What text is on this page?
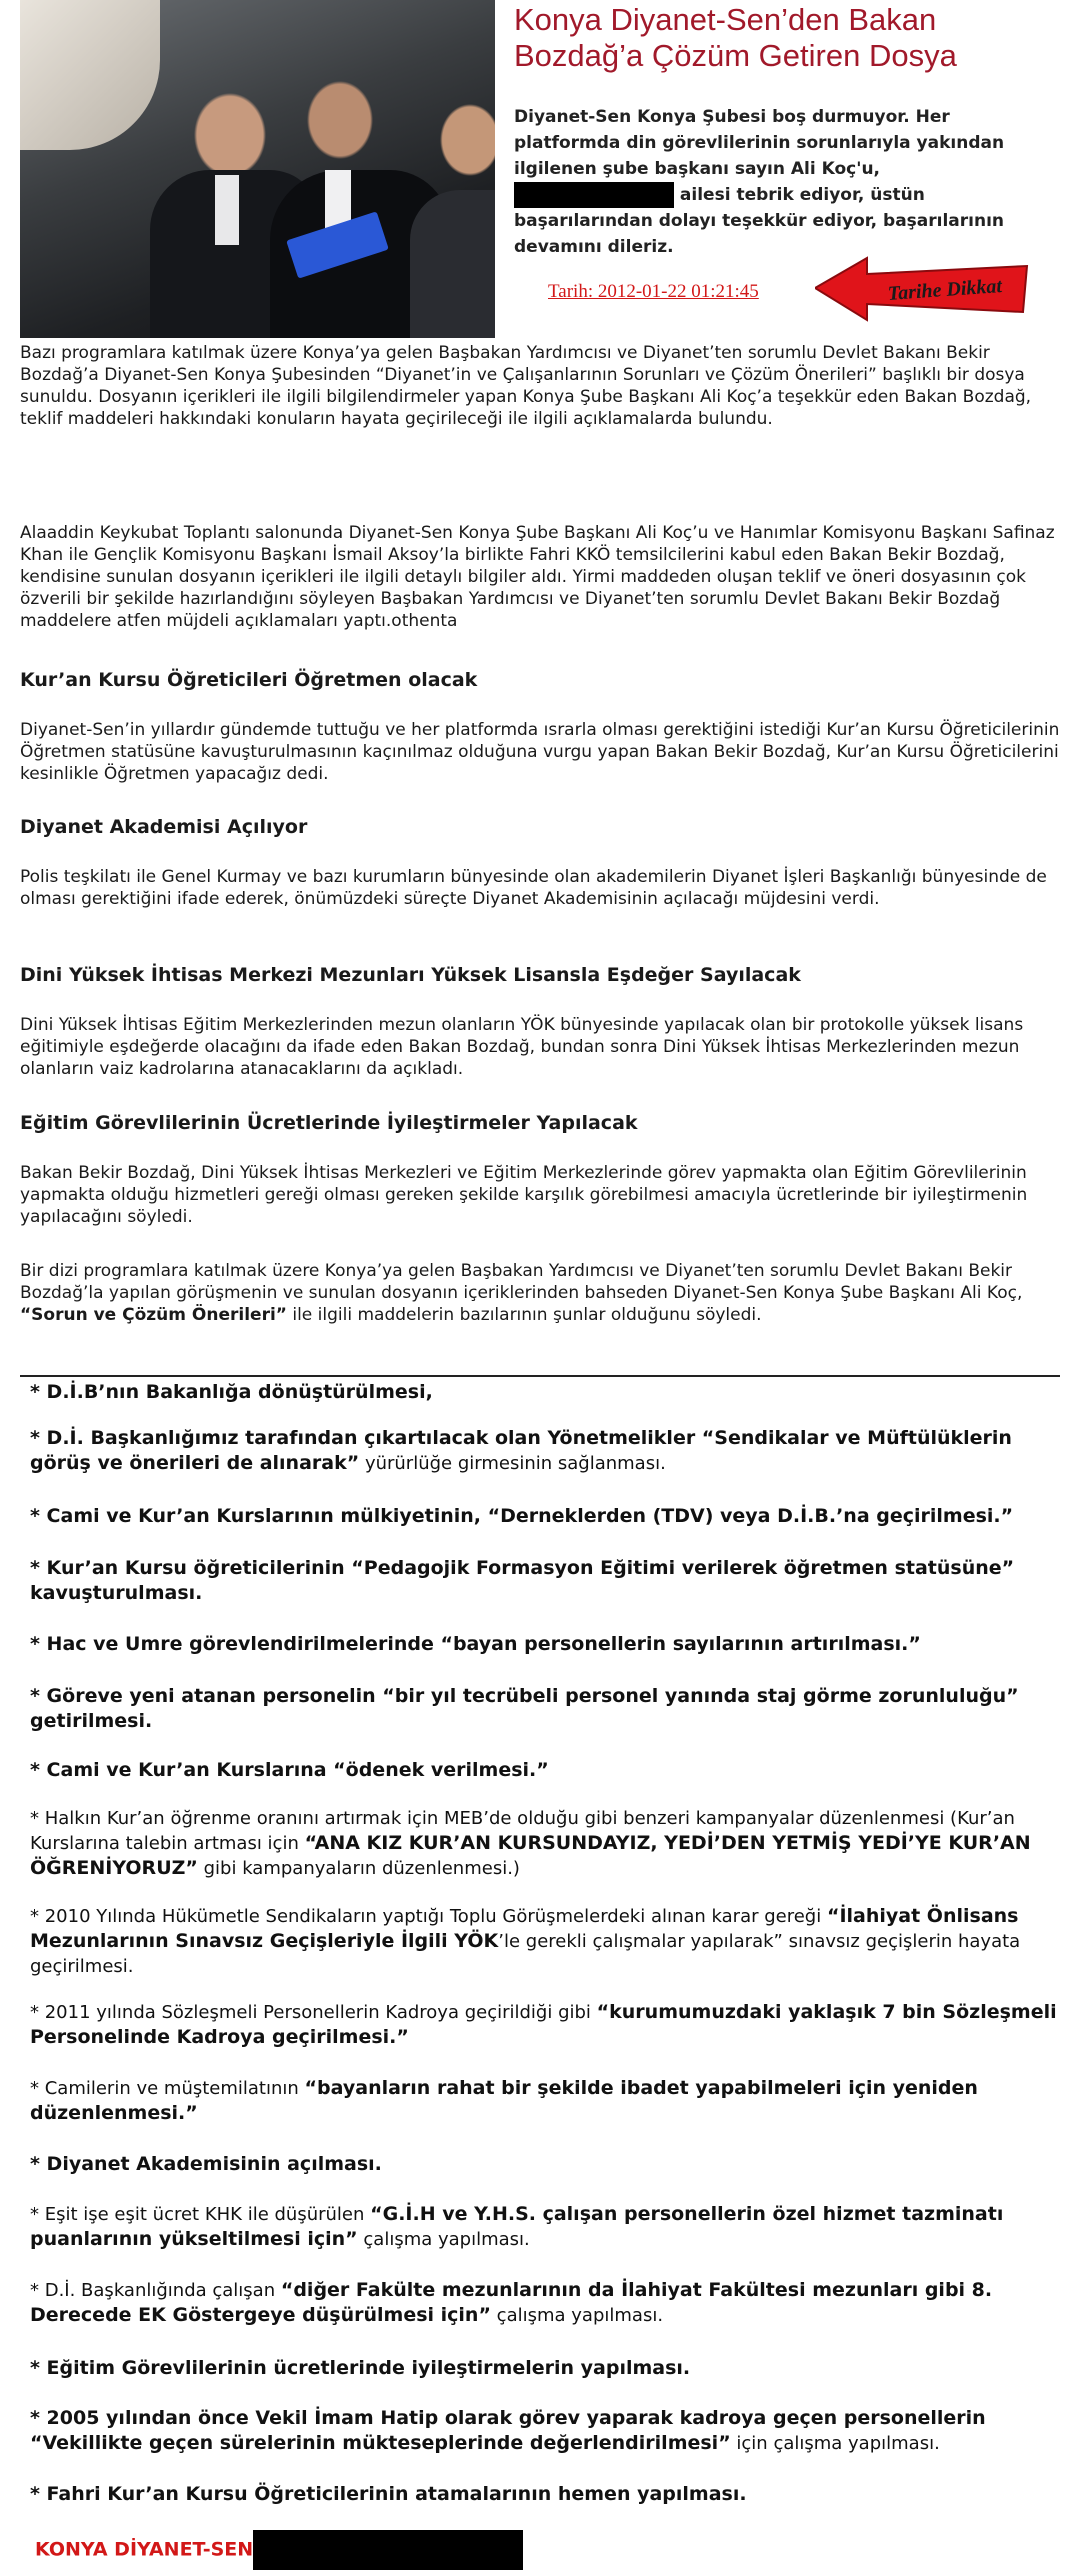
Konya Diyanet-Sen’den Bakan Bozdağ’a Çözüm Getiren Dosya
Diyanet-Sen Konya Şubesi boş durmuyor. Her platformda din görevlilerinin sorunlarıyla yakından ilgilenen şube başkanı sayın Ali Koç'u,  ailesi tebrik ediyor, üstün başarılarından dolayı teşekkür ediyor, başarılarının devamını dileriz.
Tarih: 2012-01-22 01:21:45	Tarihe Dikkat

Bazı programlara katılmak üzere Konya’ya gelen Başbakan Yardımcısı ve Diyanet’ten sorumlu Devlet Bakanı Bekir Bozdağ’a Diyanet-Sen Konya Şubesinden “Diyanet’in ve Çalışanlarının Sorunları ve Çözüm Önerileri” başlıklı bir dosya sunuldu. Dosyanın içerikleri ile ilgili bilgilendirmeler yapan Konya Şube Başkanı Ali Koç’a teşekkür eden Bakan Bozdağ, teklif maddeleri hakkındaki konuların hayata geçirileceği ile ilgili açıklamalarda bulundu.

Alaaddin Keykubat Toplantı salonunda Diyanet-Sen Konya Şube Başkanı Ali Koç’u ve Hanımlar Komisyonu Başkanı Safinaz Khan ile Gençlik Komisyonu Başkanı İsmail Aksoy’la birlikte Fahri KKÖ temsilcilerini kabul eden Bakan Bekir Bozdağ, kendisine sunulan dosyanın içerikleri ile ilgili detaylı bilgiler aldı. Yirmi maddeden oluşan teklif ve öneri dosyasının çok özverili bir şekilde hazırlandığını söyleyen Başbakan Yardımcısı ve Diyanet’ten sorumlu Devlet Bakanı Bekir Bozdağ maddelere atfen müjdeli açıklamaları yaptı.othenta

Kur’an Kursu Öğreticileri Öğretmen olacak

Diyanet-Sen’in yıllardır gündemde tuttuğu ve her platformda ısrarla olması gerektiğini istediği Kur’an Kursu Öğreticilerinin Öğretmen statüsüne kavuşturulmasının kaçınılmaz olduğuna vurgu yapan Bakan Bekir Bozdağ, Kur’an Kursu Öğreticilerini kesinlikle Öğretmen yapacağız dedi.

Diyanet Akademisi Açılıyor

Polis teşkilatı ile Genel Kurmay ve bazı kurumların bünyesinde olan akademilerin Diyanet İşleri Başkanlığı bünyesinde de olması gerektiğini ifade ederek, önümüzdeki süreçte Diyanet Akademisinin açılacağı müjdesini verdi.

Dini Yüksek İhtisas Merkezi Mezunları Yüksek Lisansla Eşdeğer Sayılacak

Dini Yüksek İhtisas Eğitim Merkezlerinden mezun olanların YÖK bünyesinde yapılacak olan bir protokolle yüksek lisans eğitimiyle eşdeğerde olacağını da ifade eden Bakan Bozdağ, bundan sonra Dini Yüksek İhtisas Merkezlerinden mezun olanların vaiz kadrolarına atanacaklarını da açıkladı.

Eğitim Görevlilerinin Ücretlerinde İyileştirmeler Yapılacak

Bakan Bekir Bozdağ, Dini Yüksek İhtisas Merkezleri ve Eğitim Merkezlerinde görev yapmakta olan Eğitim Görevlilerinin yapmakta olduğu hizmetleri gereği olması gereken şekilde karşılık görebilmesi amacıyla ücretlerinde bir iyileştirmenin yapılacağını söyledi.

Bir dizi programlara katılmak üzere Konya’ya gelen Başbakan Yardımcısı ve Diyanet’ten sorumlu Devlet Bakanı Bekir Bozdağ’la yapılan görüşmenin ve sunulan dosyanın içeriklerinden bahseden Diyanet-Sen Konya Şube Başkanı Ali Koç, “Sorun ve Çözüm Önerileri” ile ilgili maddelerin bazılarının şunlar olduğunu söyledi.

* D.İ.B’nın Bakanlığa dönüştürülmesi,

* D.İ. Başkanlığımız tarafından çıkartılacak olan Yönetmelikler “Sendikalar ve Müftülüklerin görüş ve önerileri de alınarak” yürürlüğe girmesinin sağlanması.

* Cami ve Kur’an Kurslarının mülkiyetinin, “Derneklerden (TDV) veya D.İ.B.’na geçirilmesi.”

* Kur’an Kursu öğreticilerinin “Pedagojik Formasyon Eğitimi verilerek öğretmen statüsüne” kavuşturulması.

* Hac ve Umre görevlendirilmelerinde “bayan personellerin sayılarının artırılması.”

* Göreve yeni atanan personelin “bir yıl tecrübeli personel yanında staj görme zorunluluğu” getirilmesi.

* Cami ve Kur’an Kurslarına “ödenek verilmesi.”

* Halkın Kur’an öğrenme oranını artırmak için MEB’de olduğu gibi benzeri kampanyalar düzenlenmesi (Kur’an Kurslarına talebin artması için “ANA KIZ KUR’AN KURSUNDAYIZ, YEDİ’DEN YETMİŞ YEDİ’YE KUR’AN ÖĞRENİYORUZ” gibi kampanyaların düzenlenmesi.)

* 2010 Yılında Hükümetle Sendikaların yaptığı Toplu Görüşmelerdeki alınan karar gereği “İlahiyat Önlisans Mezunlarının Sınavsız Geçişleriyle İlgili YÖK’le gerekli çalışmalar yapılarak” sınavsız geçişlerin hayata geçirilmesi.

* 2011 yılında Sözleşmeli Personellerin Kadroya geçirildiği gibi “kurumumuzdaki yaklaşık 7 bin Sözleşmeli Personelinde Kadroya geçirilmesi.”

* Camilerin ve müştemilatının “bayanların rahat bir şekilde ibadet yapabilmeleri için yeniden düzenlenmesi.”

* Diyanet Akademisinin açılması.

* Eşit işe eşit ücret KHK ile düşürülen “G.İ.H ve Y.H.S. çalışan personellerin özel hizmet tazminatı puanlarının yükseltilmesi için” çalışma yapılması.

* D.İ. Başkanlığında çalışan “diğer Fakülte mezunlarının da İlahiyat Fakültesi mezunları gibi 8. Derecede EK Göstergeye düşürülmesi için” çalışma yapılması.

* Eğitim Görevlilerinin ücretlerinde iyileştirmelerin yapılması.

* 2005 yılından önce Vekil İmam Hatip olarak görev yaparak kadroya geçen personellerin “Vekillikte geçen sürelerinin mükteseplerinde değerlendirilmesi” için çalışma yapılması.

* Fahri Kur’an Kursu Öğreticilerinin atamalarının hemen yapılması.

KONYA DİYANET-SEN
